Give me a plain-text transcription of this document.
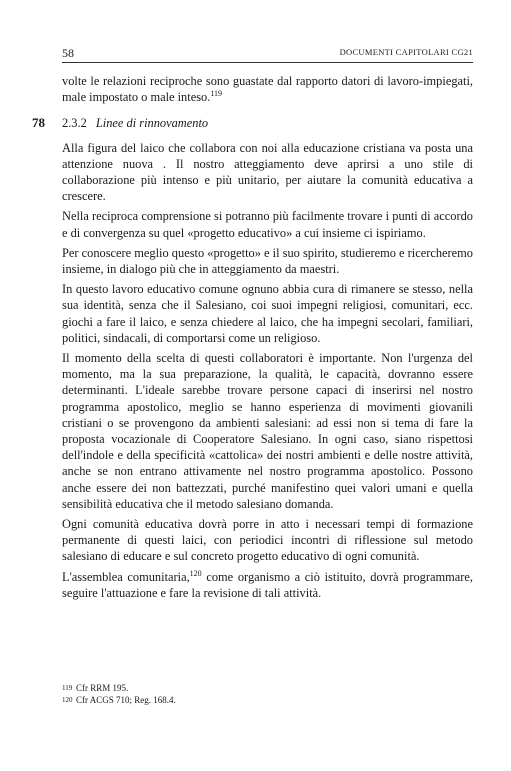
58	DOCUMENTI CAPITOLARI CG21

volte le relazioni reciproche sono guastate dal rapporto datori di lavoro-impiegati, male impostato o male inteso.$^{119}$

78 2.3.2 Linee di rinnovamento

Alla figura del laico che collabora con noi alla educazione cristiana va posta una attenzione nuova . Il nostro atteggiamento deve aprirsi a uno stile di collaborazione più intenso e più unitario, per aiutare la comunità educativa a crescere.

Nella reciproca comprensione si potranno più facilmente trovare i punti di accordo e di convergenza su quel «progetto educativo» a cui insieme ci ispiriamo.

Per conoscere meglio questo «progetto» e il suo spirito, studieremo e ricercheremo insieme, in dialogo più che in atteggiamento da maestri.

In questo lavoro educativo comune ognuno abbia cura di rimanere se stesso, nella sua identità, senza che il Salesiano, coi suoi impegni religiosi, comunitari, ecc. giochi a fare il laico, e senza chiedere al laico, che ha impegni secolari, familiari, politici, sindacali, di comportarsi come un religioso.

Il momento della scelta di questi collaboratori è importante. Non l'urgenza del momento, ma la sua preparazione, la qualità, le capacità, dovranno essere determinanti. L'ideale sarebbe trovare persone capaci di inserirsi nel nostro programma apostolico, meglio se hanno esperienza di movimenti giovanili cristiani o se provengono da ambienti salesiani: ad essi non si tema di fare la proposta vocazionale di Cooperatore Salesiano. In ogni caso, siano rispettosi dell'indole e della specificità «cattolica» dei nostri ambienti e delle nostre attività, anche se non entrano attivamente nel nostro programma apostolico. Possono anche essere dei non battezzati, purché manifestino quei valori umani e quella sensibilità educativa che il metodo salesiano domanda.

Ogni comunità educativa dovrà porre in atto i necessari tempi di formazione permanente di questi laici, con periodici incontri di riflessione sul metodo salesiano di educare e sul concreto progetto educativo di ogni comunità.

L'assemblea comunitaria,$^{120}$ come organismo a ciò istituito, dovrà programmare, seguire l'attuazione e fare la revisione di tali attività.

119 Cfr RRM 195.
120 Cfr ACGS 710; Reg. 168.4.
